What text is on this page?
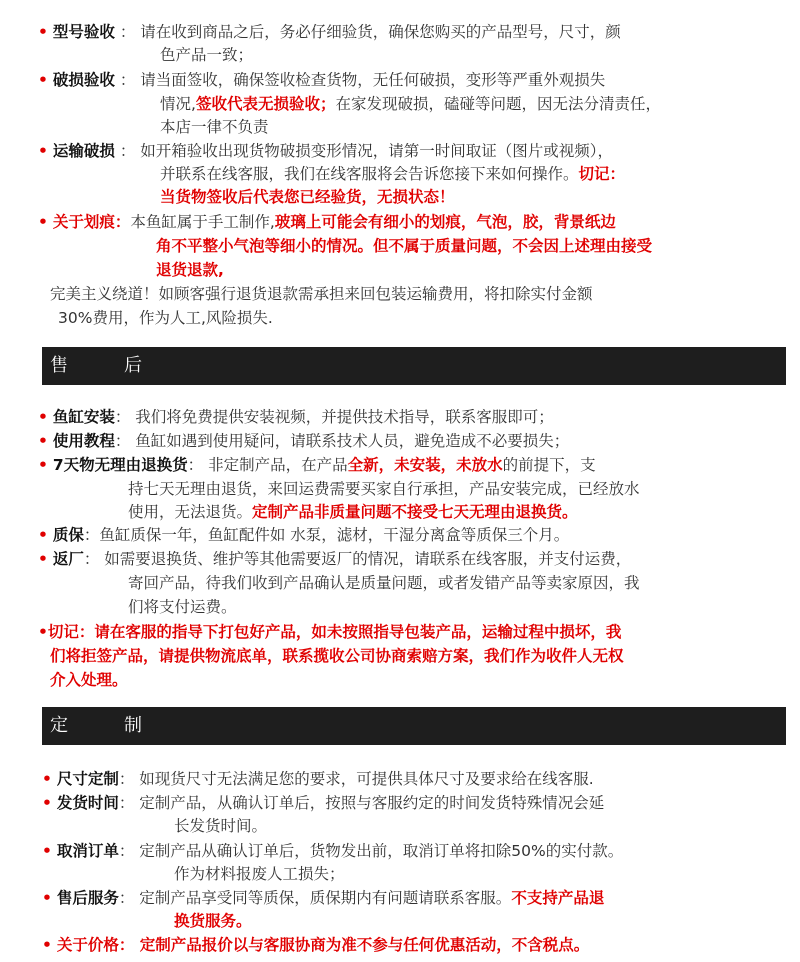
• 型号验收 ： 请在收到商品之后，务必仔细验货，确保您购买的产品型号，尺寸，颜
色产品一致；
• 破损验收 ： 请当面签收，确保签收检查货物，无任何破损，变形等严重外观损失
情况,签收代表无损验收；在家发现破损，磕碰等问题，因无法分清责任，
本店一律不负责
• 运输破损 ： 如开箱验收出现货物破损变形情况，请第一时间取证（图片或视频），
并联系在线客服，我们在线客服将会告诉您接下来如何操作。切记：
当货物签收后代表您已经验货，无损状态！
• 关于划痕：本鱼缸属于手工制作,玻璃上可能会有细小的划痕，气泡，胶，背景纸边
角不平整小气泡等细小的情况。但不属于质量问题，不会因上述理由接受
退货退款,
完美主义绕道！如顾客强行退货退款需承担来回包装运输费用，将扣除实付金额
30%费用，作为人工,风险损失.
售	后
• 鱼缸安装： 我们将免费提供安装视频，并提供技术指导，联系客服即可；
• 使用教程： 鱼缸如遇到使用疑问，请联系技术人员，避免造成不必要损失；
• 7天物无理由退换货： 非定制产品，在产品全新，未安装，未放水的前提下，支
持七天无理由退货，来回运费需要买家自行承担，产品安装完成，已经放水
使用，无法退货。定制产品非质量问题不接受七天无理由退换货。
• 质保：鱼缸质保一年，鱼缸配件如 水泵，滤材，干湿分离盒等质保三个月。
• 返厂： 如需要退换货、维护等其他需要返厂的情况，请联系在线客服，并支付运费，
寄回产品，待我们收到产品确认是质量问题，或者发错产品等卖家原因，我
们将支付运费。
•切记：请在客服的指导下打包好产品，如未按照指导包装产品，运输过程中损坏，我
们将拒签产品，请提供物流底单，联系揽收公司协商索赔方案，我们作为收件人无权
介入处理。
定	制
• 尺寸定制： 如现货尺寸无法满足您的要求，可提供具体尺寸及要求给在线客服.
• 发货时间： 定制产品，从确认订单后，按照与客服约定的时间发货特殊情况会延
长发货时间。
• 取消订单： 定制产品从确认订单后，货物发出前，取消订单将扣除50%的实付款。
作为材料报废人工损失；
• 售后服务： 定制产品享受同等质保，质保期内有问题请联系客服。不支持产品退
换货服务。
• 关于价格： 定制产品报价以与客服协商为准不参与任何优惠活动，不含税点。
